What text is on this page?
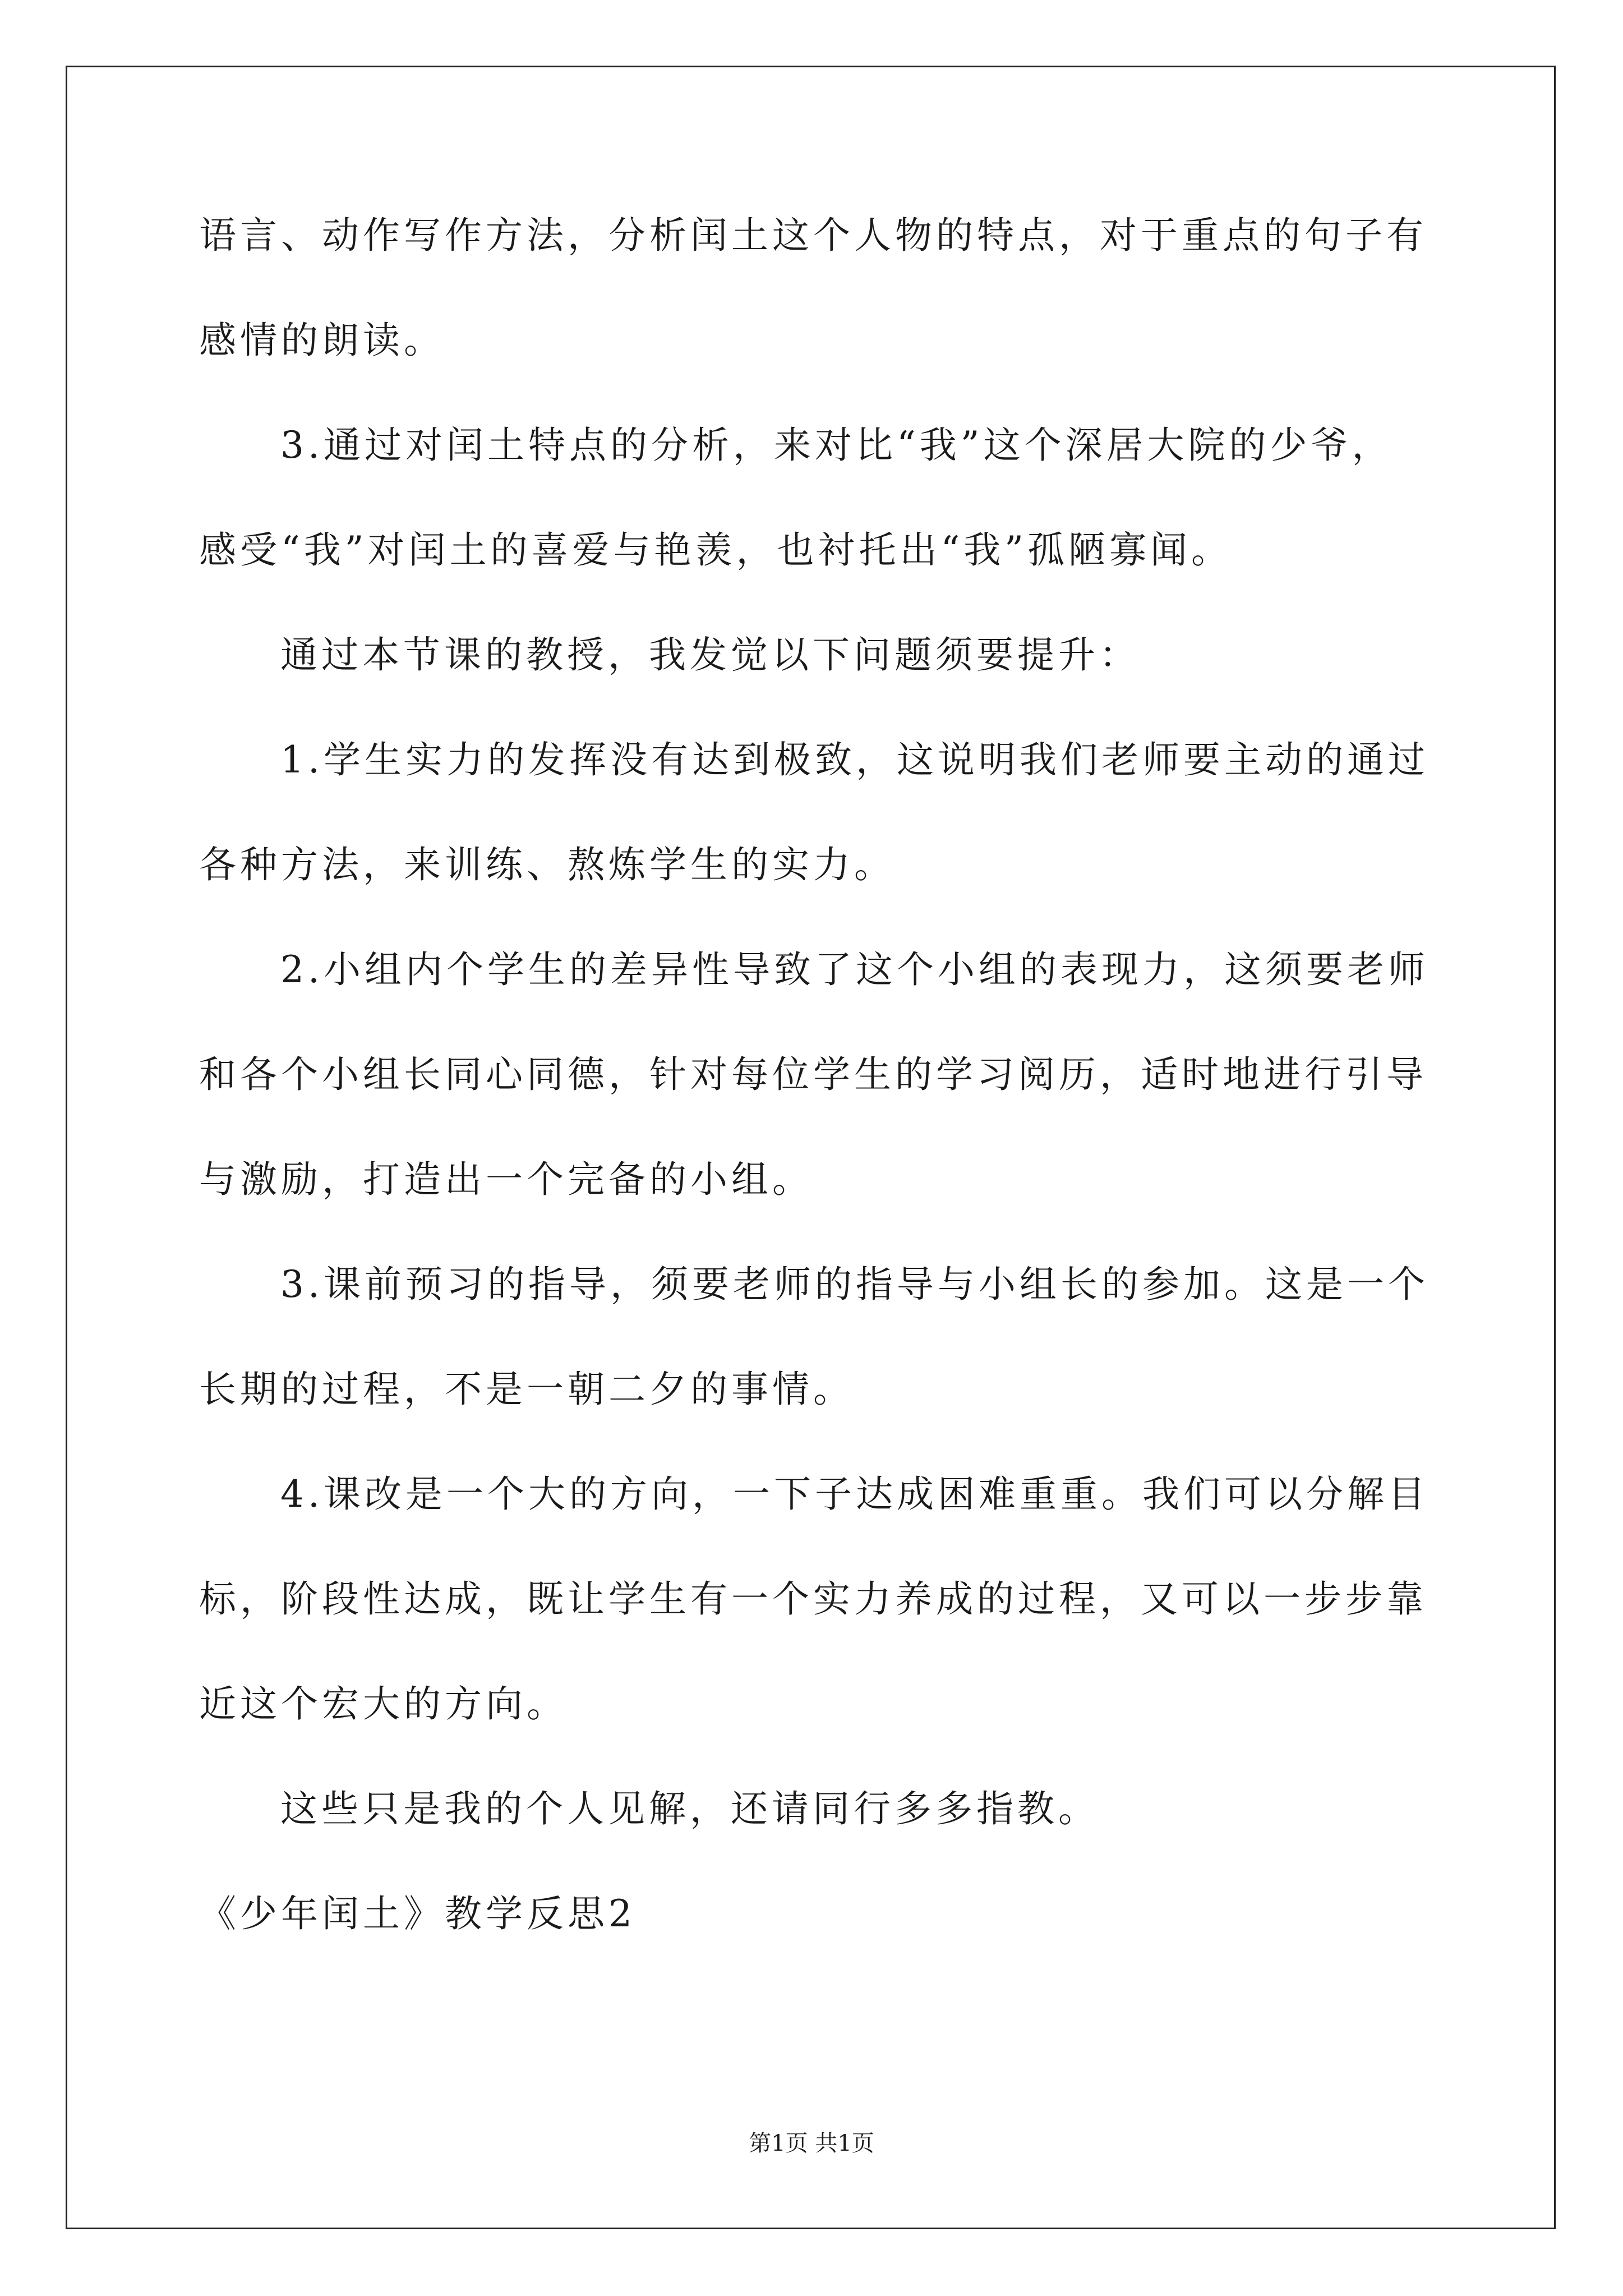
语言、动作写作方法，分析闰土这个人物的特点，对于重点的句子有
感情的朗读。
3.通过对闰土特点的分析，来对比“我”这个深居大院的少爷，
感受“我”对闰土的喜爱与艳羡，也衬托出“我”孤陋寡闻。
通过本节课的教授，我发觉以下问题须要提升：
1.学生实力的发挥没有达到极致，这说明我们老师要主动的通过
各种方法，来训练、熬炼学生的实力。
2.小组内个学生的差异性导致了这个小组的表现力，这须要老师
和各个小组长同心同德，针对每位学生的学习阅历，适时地进行引导
与激励，打造出一个完备的小组。
3.课前预习的指导，须要老师的指导与小组长的参加。这是一个
长期的过程，不是一朝二夕的事情。
4.课改是一个大的方向，一下子达成困难重重。我们可以分解目
标，阶段性达成，既让学生有一个实力养成的过程，又可以一步步靠
近这个宏大的方向。
这些只是我的个人见解，还请同行多多指教。
《少年闰土》教学反思2
第1页 共1页
